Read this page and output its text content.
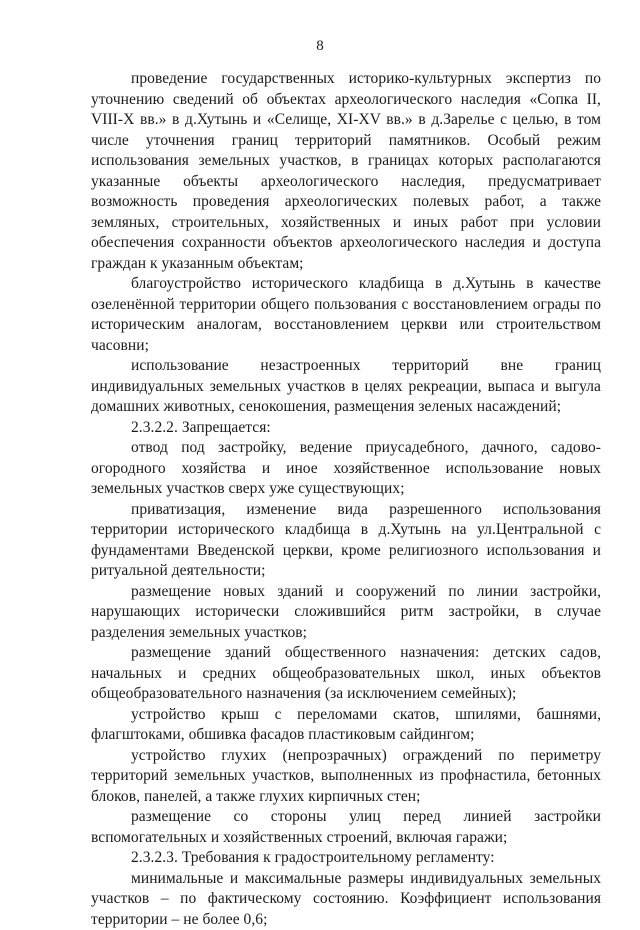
8

проведение государственных историко-культурных экспертиз по уточнению сведений об объектах археологического наследия «Сопка II, VIII-X вв.» в д.Хутынь и «Селище, XI-XV вв.» в д.Зарелье с целью, в том числе уточнения границ территорий памятников. Особый режим использования земельных участков, в границах которых располагаются указанные объекты археологического наследия, предусматривает возможность проведения археологических полевых работ, а также земляных, строительных, хозяйственных и иных работ при условии обеспечения сохранности объектов археологического наследия и доступа граждан к указанным объектам;

благоустройство исторического кладбища в д.Хутынь в качестве озеленённой территории общего пользования с восстановлением ограды по историческим аналогам, восстановлением церкви или строительством часовни;

использование незастроенных территорий вне границ индивидуальных земельных участков в целях рекреации, выпаса и выгула домашних животных, сенокошения, размещения зеленых насаждений;

2.3.2.2. Запрещается:

отвод под застройку, ведение приусадебного, дачного, садово-огородного хозяйства и иное хозяйственное использование новых земельных участков сверх уже существующих;

приватизация, изменение вида разрешенного использования территории исторического кладбища в д.Хутынь на ул.Центральной с фундаментами Введенской церкви, кроме религиозного использования и ритуальной деятельности;

размещение новых зданий и сооружений по линии застройки, нарушающих исторически сложившийся ритм застройки, в случае разделения земельных участков;

размещение зданий общественного назначения: детских садов, начальных и средних общеобразовательных школ, иных объектов общеобразовательного назначения (за исключением семейных);

устройство крыш с переломами скатов, шпилями, башнями, флагштоками, обшивка фасадов пластиковым сайдингом;

устройство глухих (непрозрачных) ограждений по периметру территорий земельных участков, выполненных из профнастила, бетонных блоков, панелей, а также глухих кирпичных стен;

размещение со стороны улиц перед линией застройки вспомогательных и хозяйственных строений, включая гаражи;

2.3.2.3. Требования к градостроительному регламенту:

минимальные и максимальные размеры индивидуальных земельных участков – по фактическому состоянию. Коэффициент использования территории – не более 0,6;
